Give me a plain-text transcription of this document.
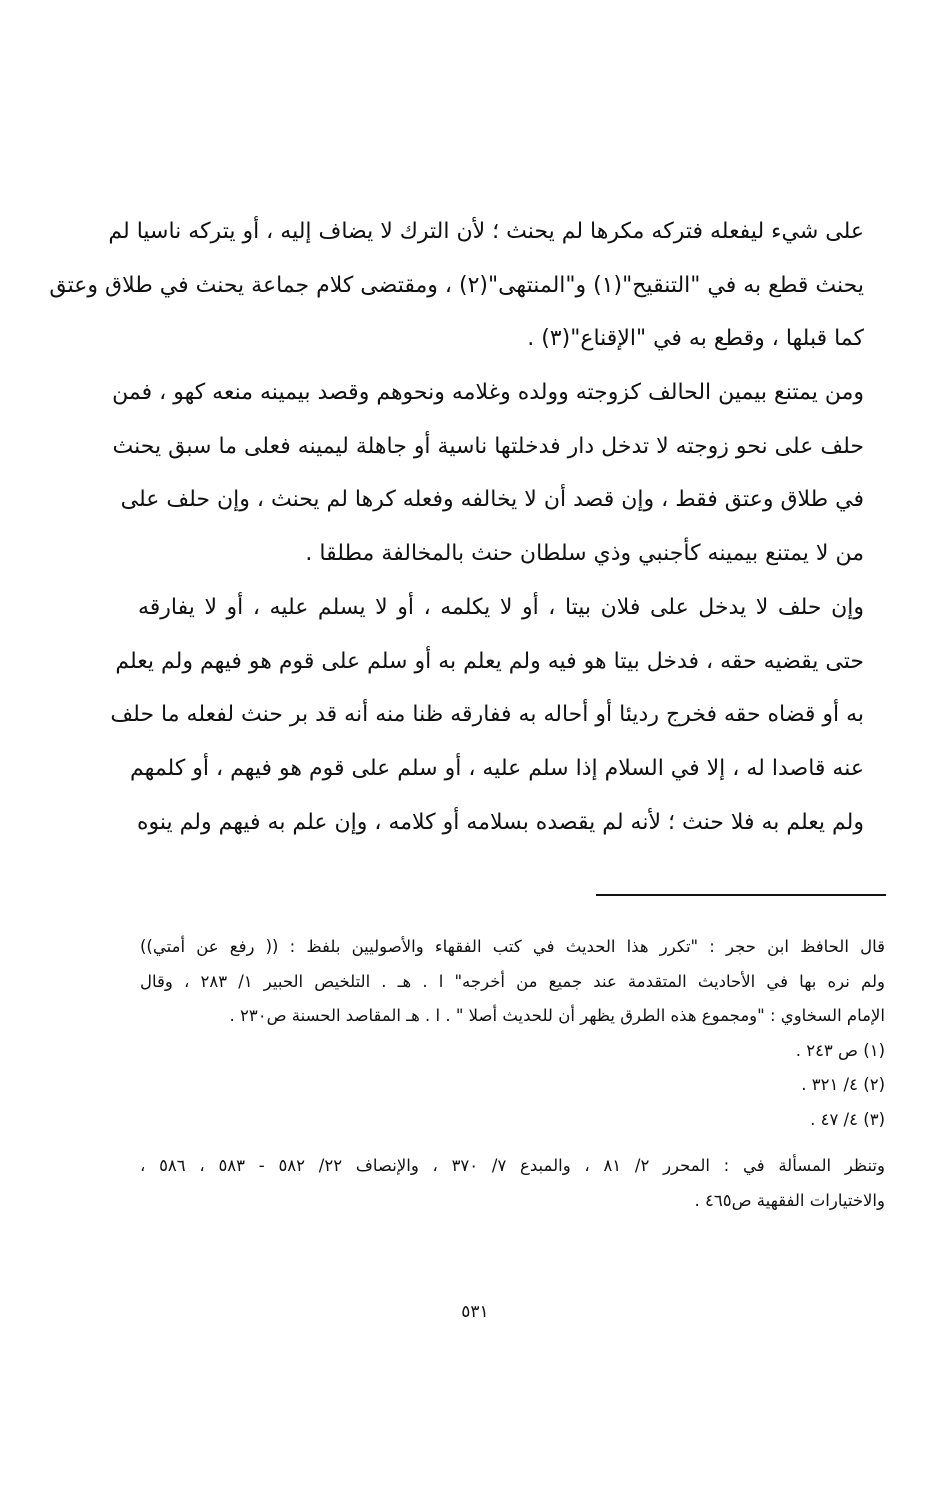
على شيء ليفعله فتركه مكرها لم يحنث ؛ لأن الترك لا يضاف إليه ، أو يتركه ناسيا لم
يحنث قطع به في "التنقيح"(١) و"المنتهى"(٢) ، ومقتضى كلام جماعة يحنث في طلاق وعتق
كما قبلها ، وقطع به في "الإقناع"(٣) .
ومن يمتنع بيمين الحالف كزوجته وولده وغلامه ونحوهم وقصد بيمينه منعه كهو ، فمن
حلف على نحو زوجته لا تدخل دار فدخلتها ناسية أو جاهلة ليمينه فعلى ما سبق يحنث
في طلاق وعتق فقط ، وإن قصد أن لا يخالفه وفعله كرها لم يحنث ، وإن حلف على
من لا يمتنع بيمينه كأجنبي وذي سلطان حنث بالمخالفة مطلقا .
وإن حلف لا يدخل على فلان بيتا ، أو لا يكلمه ، أو لا يسلم عليه ، أو لا يفارقه
حتى يقضيه حقه ، فدخل بيتا هو فيه ولم يعلم به أو سلم على قوم هو فيهم ولم يعلم
به أو قضاه حقه فخرج رديئا أو أحاله به ففارقه ظنا منه أنه قد بر حنث لفعله ما حلف
عنه قاصدا له ، إلا في السلام إذا سلم عليه ، أو سلم على قوم هو فيهم ، أو كلمهم
ولم يعلم به فلا حنث ؛ لأنه لم يقصده بسلامه أو كلامه ، وإن علم به فيهم ولم ينوه
قال الحافظ ابن حجر : "تكرر هذا الحديث في كتب الفقهاء والأصوليين بلفظ : (( رفع عن أمتي))
ولم نره بها في الأحاديث المتقدمة عند جميع من أخرجه" ا . هـ . التلخيص الحبير ١/ ٢٨٣ ، وقال
الإمام السخاوي : "ومجموع هذه الطرق يظهر أن للحديث أصلا " . ا . هـ المقاصد الحسنة ص٢٣٠ .
(١) ص ٢٤٣ .
(٢) ٤/ ٣٢١ .
(٣) ٤/ ٤٧ .
وتنظر المسألة في : المحرر ٢/ ٨١ ، والمبدع ٧/ ٣٧٠ ، والإنصاف ٢٢/ ٥٨٢ - ٥٨٣ ، ٥٨٦ ،
والاختيارات الفقهية ص٤٦٥ .
٥٣١
